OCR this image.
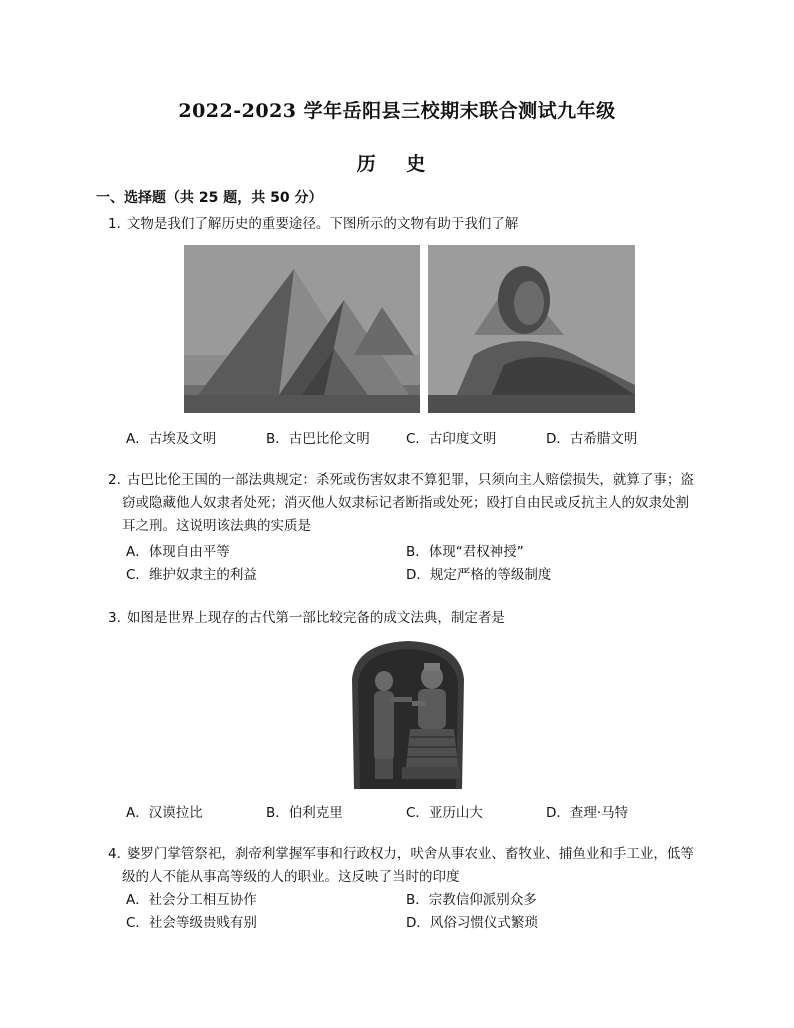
2022-2023 学年岳阳县三校期末联合测试九年级
历 史
一、选择题（共 25 题，共 50 分）
1. 文物是我们了解历史的重要途径。下图所示的文物有助于我们了解
A．古埃及文明	B．古巴比伦文明	C．古印度文明	D．古希腊文明
2. 古巴比伦王国的一部法典规定：杀死或伤害奴隶不算犯罪，只须向主人赔偿损失，就算了事；盗
窃或隐藏他人奴隶者处死；消灭他人奴隶标记者断指或处死；殴打自由民或反抗主人的奴隶处割
耳之刑。这说明该法典的实质是
A．体现自由平等	B．体现“君权神授”
C．维护奴隶主的利益	D．规定严格的等级制度
3. 如图是世界上现存的古代第一部比较完备的成文法典，制定者是
A．汉谟拉比	B．伯利克里	C．亚历山大	D．查理·马特
4. 婆罗门掌管祭祀，刹帝利掌握军事和行政权力，吠舍从事农业、畜牧业、捕鱼业和手工业，低等
级的人不能从事高等级的人的职业。这反映了当时的印度
A．社会分工相互协作	B．宗教信仰派别众多
C．社会等级贵贱有别	D．风俗习惯仪式繁琐
